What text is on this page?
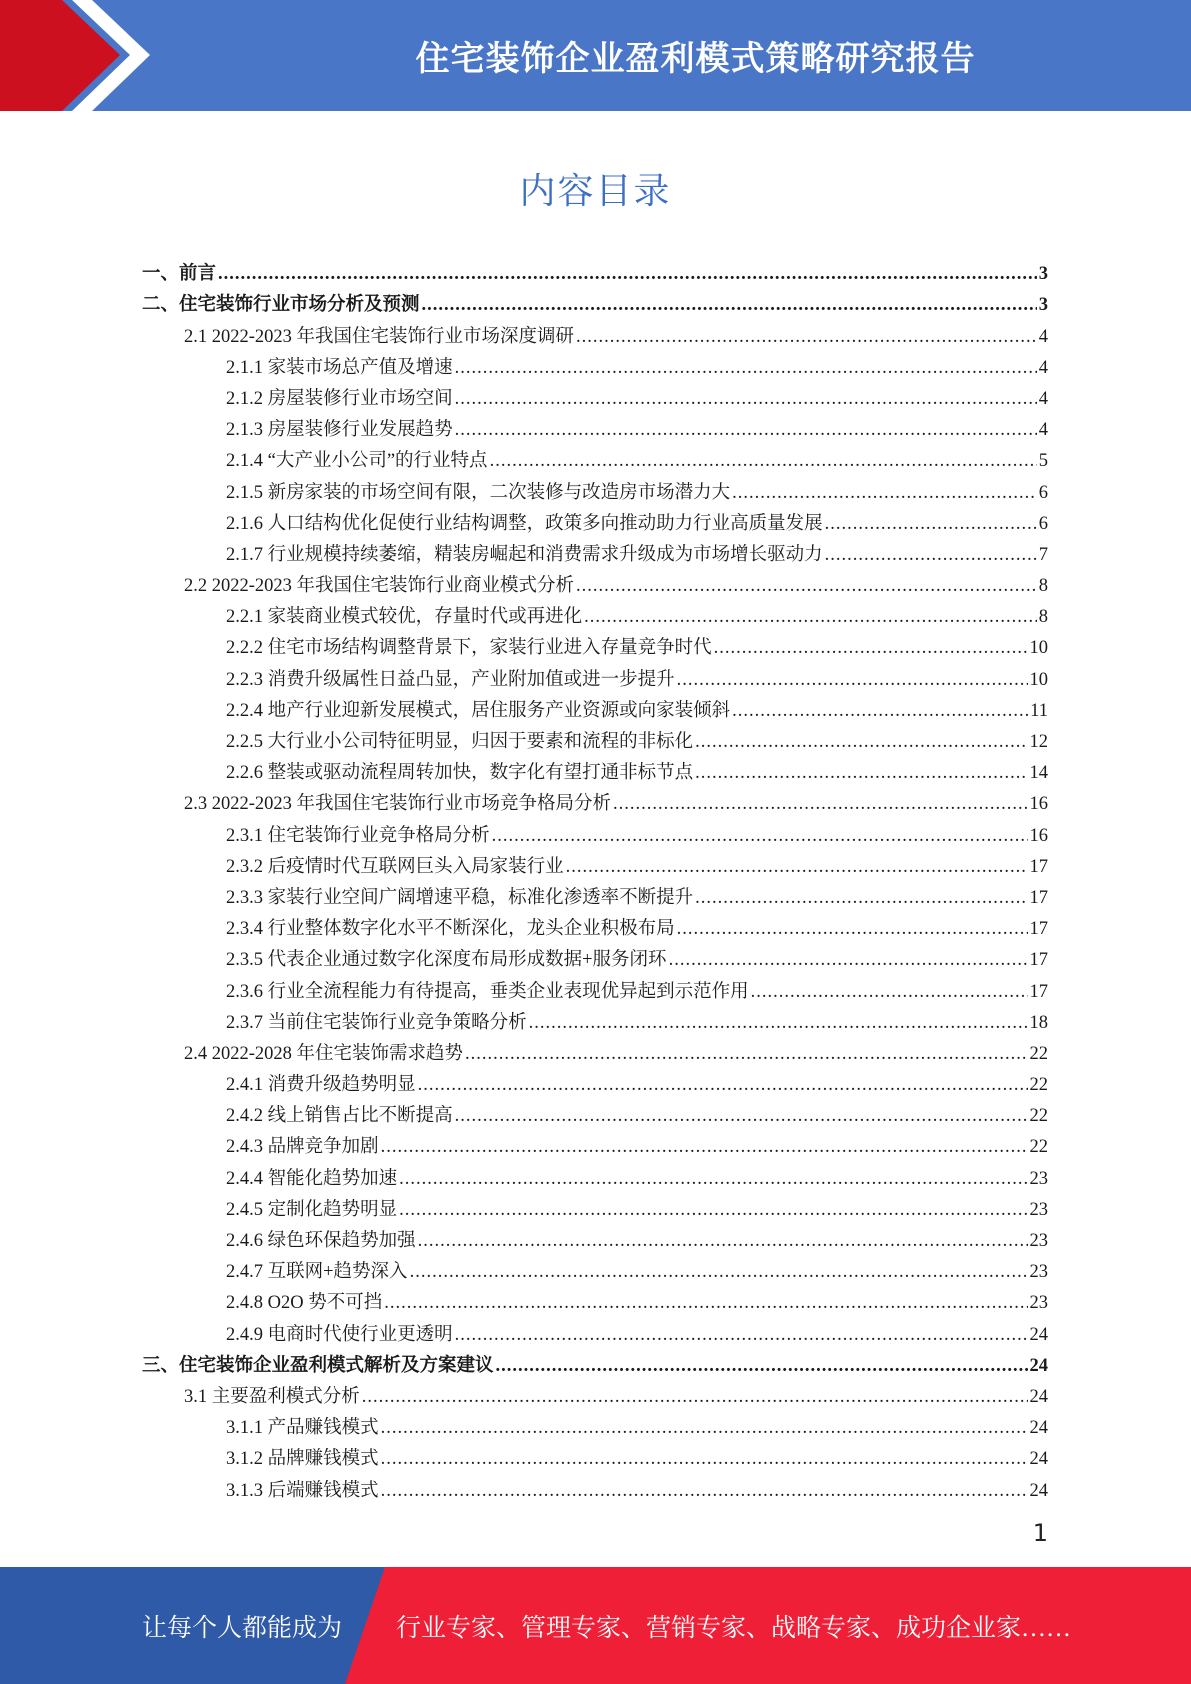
住宅装饰企业盈利模式策略研究报告
内容目录
一、前言 .....	3
二、住宅装饰行业市场分析及预测 .....	3
2.1 2022-2023 年我国住宅装饰行业市场深度调研 .....	4
2.1.1 家装市场总产值及增速 .....	4
2.1.2 房屋装修行业市场空间 .....	4
2.1.3 房屋装修行业发展趋势 .....	4
2.1.4 “大产业小公司”的行业特点 .....	5
2.1.5 新房家装的市场空间有限，二次装修与改造房市场潜力大 .....	6
2.1.6 人口结构优化促使行业结构调整，政策多向推动助力行业高质量发展 .....	6
2.1.7 行业规模持续萎缩，精装房崛起和消费需求升级成为市场增长驱动力 .....	7
2.2 2022-2023 年我国住宅装饰行业商业模式分析 .....	8
2.2.1 家装商业模式较优，存量时代或再进化 .....	8
2.2.2 住宅市场结构调整背景下，家装行业进入存量竞争时代 .....	10
2.2.3 消费升级属性日益凸显，产业附加值或进一步提升 .....	10
2.2.4 地产行业迎新发展模式，居住服务产业资源或向家装倾斜 .....	11
2.2.5 大行业小公司特征明显，归因于要素和流程的非标化 .....	12
2.2.6 整装或驱动流程周转加快，数字化有望打通非标节点 .....	14
2.3 2022-2023 年我国住宅装饰行业市场竞争格局分析 .....	16
2.3.1 住宅装饰行业竞争格局分析 .....	16
2.3.2 后疫情时代互联网巨头入局家装行业 .....	17
2.3.3 家装行业空间广阔增速平稳，标准化渗透率不断提升 .....	17
2.3.4 行业整体数字化水平不断深化，龙头企业积极布局 .....	17
2.3.5 代表企业通过数字化深度布局形成数据+服务闭环 .....	17
2.3.6 行业全流程能力有待提高，垂类企业表现优异起到示范作用 .....	17
2.3.7 当前住宅装饰行业竞争策略分析 .....	18
2.4 2022-2028 年住宅装饰需求趋势 .....	22
2.4.1 消费升级趋势明显 .....	22
2.4.2 线上销售占比不断提高 .....	22
2.4.3 品牌竞争加剧 .....	22
2.4.4 智能化趋势加速 .....	23
2.4.5 定制化趋势明显 .....	23
2.4.6 绿色环保趋势加强 .....	23
2.4.7 互联网+趋势深入 .....	23
2.4.8 O2O 势不可挡 .....	23
2.4.9 电商时代使行业更透明 .....	24
三、住宅装饰企业盈利模式解析及方案建议 .....	24
3.1 主要盈利模式分析 .....	24
3.1.1 产品赚钱模式 .....	24
3.1.2 品牌赚钱模式 .....	24
3.1.3 后端赚钱模式 .....	24
1
让每个人都能成为 行业专家、管理专家、营销专家、战略专家、成功企业家……
